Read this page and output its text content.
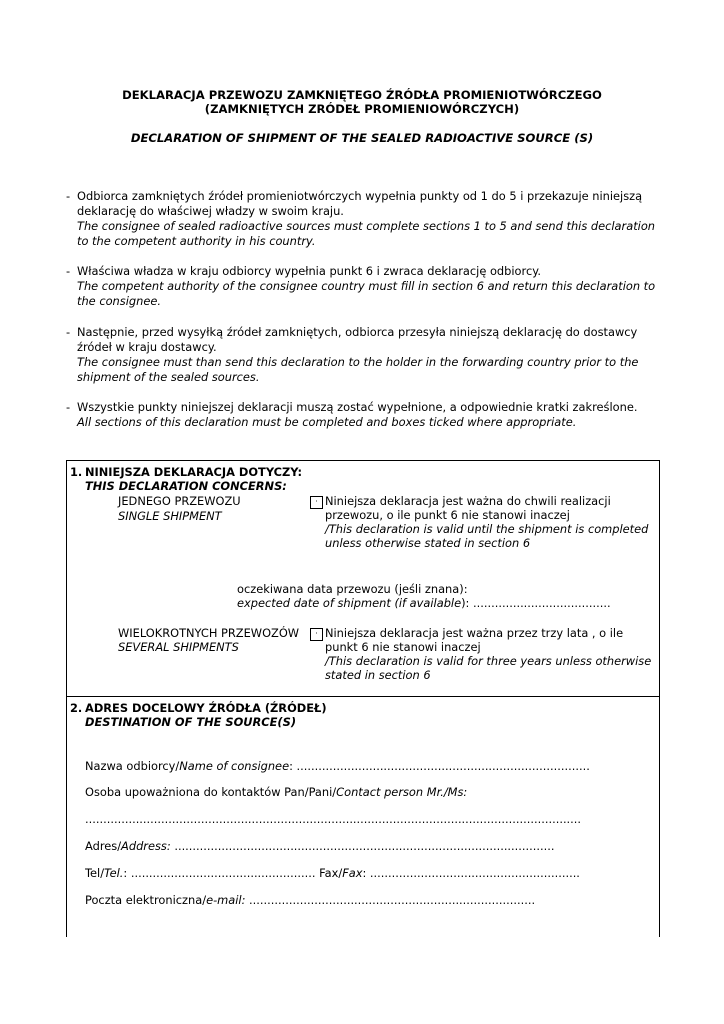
DEKLARACJA PRZEWOZU ZAMKNIĘTEGO ŹRÓDŁA PROMIENIOTWÓRCZEGO
(ZAMKNIĘTYCH ZRÓDEŁ PROMIENIOWÓRCZYCH)
DECLARATION OF SHIPMENT OF THE SEALED RADIOACTIVE SOURCE (S)
- Odbiorca zamkniętych źródeł promieniotwórczych wypełnia punkty od 1 do 5 i przekazuje niniejszą
deklarację do właściwej władzy w swoim kraju.
The consignee of sealed radioactive sources must complete sections 1 to 5 and send this declaration
to the competent authority in his country.
- Właściwa władza w kraju odbiorcy wypełnia punkt 6 i zwraca deklarację odbiorcy.
The competent authority of the consignee country must fill in section 6 and return this declaration to
the consignee.
- Następnie, przed wysyłką źródeł zamkniętych, odbiorca przesyła niniejszą deklarację do dostawcy
źródeł w kraju dostawcy.
The consignee must than send this declaration to the holder in the forwarding country prior to the
shipment of the sealed sources.
- Wszystkie punkty niniejszej deklaracji muszą zostać wypełnione, a odpowiednie kratki zakreślone.
All sections of this declaration must be completed and boxes ticked where appropriate.
1. NINIEJSZA DEKLARACJA DOTYCZY:
THIS DECLARATION CONCERNS:
JEDNEGO PRZEWOZU
SINGLE SHIPMENT
· Niniejsza deklaracja jest ważna do chwili realizacji
przewozu, o ile punkt 6 nie stanowi inaczej
/This declaration is valid until the shipment is completed
unless otherwise stated in section 6
oczekiwana data przewozu (jeśli znana):
expected date of shipment (if available): ......................................
WIELOKROTNYCH PRZEWOZÓW
SEVERAL SHIPMENTS
· Niniejsza deklaracja jest ważna przez trzy lata , o ile
punkt 6 nie stanowi inaczej
/This declaration is valid for three years unless otherwise
stated in section 6
2. ADRES DOCELOWY ŹRÓDŁA (ŹRÓDEŁ)
DESTINATION OF THE SOURCE(S)
Nazwa odbiorcy/Name of consignee: .................................................................................
Osoba upoważniona do kontaktów Pan/Pani/Contact person Mr./Ms:
.........................................................................................................................................
Adres/Address: .........................................................................................................
Tel/Tel.: ................................................... Fax/Fax: ..........................................................
Poczta elektroniczna/e-mail: ...............................................................................
